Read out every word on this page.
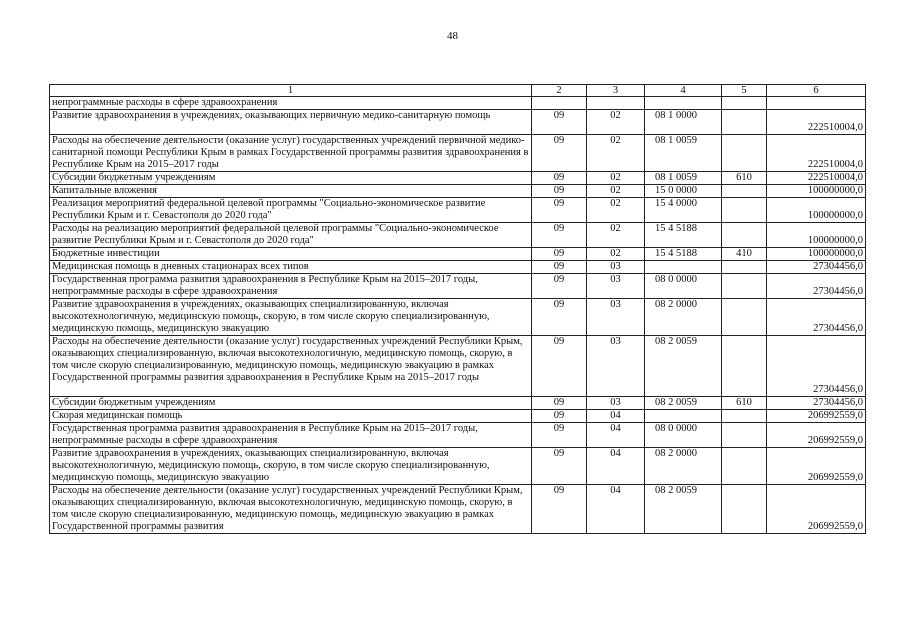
48
1	2	3	4	5	6
непрограммные расходы в сфере здравоохранения					
Развитие здравоохранения в учреждениях, оказывающих первичную медико-санитарную помощь	09	02	08 1 0000		222510004,0
Расходы на обеспечение деятельности (оказание услуг) государственных учреждений первичной медико-санитарной помощи Республики Крым в рамках Государственной программы развития здравоохранения в Республике Крым на 2015–2017 годы	09	02	08 1 0059		222510004,0
Субсидии бюджетным учреждениям	09	02	08 1 0059	610	222510004,0
Капитальные вложения	09	02	15 0 0000		100000000,0
Реализация мероприятий федеральной целевой программы "Социально-экономическое развитие Республики Крым и г. Севастополя до 2020 года"	09	02	15 4 0000		100000000,0
Расходы на реализацию мероприятий федеральной целевой программы "Социально-экономическое развитие Республики Крым и г. Севастополя до 2020 года"	09	02	15 4 5188		100000000,0
Бюджетные инвестиции	09	02	15 4 5188	410	100000000,0
Медицинская помощь в дневных стационарах всех типов	09	03			27304456,0
Государственная программа развития здравоохранения в Республике Крым на 2015–2017 годы, непрограммные расходы в сфере здравоохранения	09	03	08 0 0000		27304456,0
Развитие здравоохранения в учреждениях, оказывающих специализированную, включая высокотехнологичную, медицинскую помощь, скорую, в том числе скорую специализированную, медицинскую помощь, медицинскую эвакуацию	09	03	08 2 0000		27304456,0
Расходы на обеспечение деятельности (оказание услуг) государственных учреждений Республики Крым, оказывающих специализированную, включая высокотехнологичную, медицинскую помощь, скорую, в том числе скорую специализированную, медицинскую помощь, медицинскую эвакуацию в рамках Государственной программы развития здравоохранения в Республике Крым на 2015–2017 годы	09	03	08 2 0059		27304456,0
Субсидии бюджетным учреждениям	09	03	08 2 0059	610	27304456,0
Скорая медицинская помощь	09	04			206992559,0
Государственная программа развития здравоохранения в Республике Крым на 2015–2017 годы, непрограммные расходы в сфере здравоохранения	09	04	08 0 0000		206992559,0
Развитие здравоохранения в учреждениях, оказывающих специализированную, включая высокотехнологичную, медицинскую помощь, скорую, в том числе скорую специализированную, медицинскую помощь, медицинскую эвакуацию	09	04	08 2 0000		206992559,0
Расходы на обеспечение деятельности (оказание услуг) государственных учреждений Республики Крым, оказывающих специализированную, включая высокотехнологичную, медицинскую помощь, скорую, в том числе скорую специализированную, медицинскую помощь, медицинскую эвакуацию в рамках Государственной программы развития	09	04	08 2 0059		206992559,0
